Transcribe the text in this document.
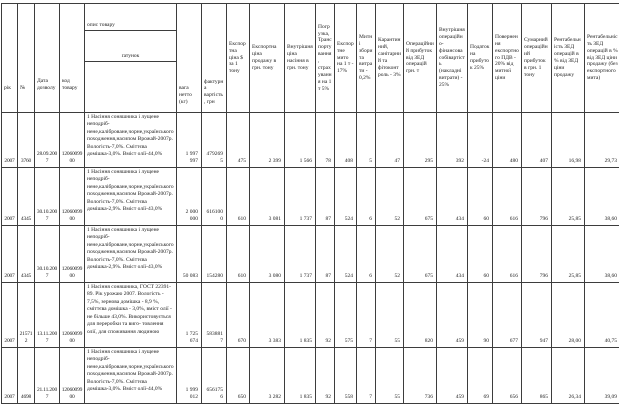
рік	№	Дата дозволу	код товару	опис товару
ґатунок	вага нетто (кг)	фактурна вартість, грн	Експортна ціна $ за 1 тону	Експортна ціна продажу в грн. тону	Внутрішня ціна насіння в грн. тону	Погрузка, Транспортування, страхування на 1 т 5%	Експортне мито на 1 т - 17%	Митні збори та витрати - 0,2%	Карантинний, санітарний та фітоконтроль - 3%	Операційний прибуток від ЗЕД операцій грн. т	Внутрішня операційно-фінансова собівартість (накладні витрати) - 25%	Податок на прибуток 25%	Повернення експортного ПДВ - 20% від митної ціни	Сумарний операційний прибуток в грн. 1 тону	Рентабельність ЗЕД операцій в % від ЗЕД ціни продажу	Рентабельність ЗЕД операцій в % від ЗЕД ціни продажу (без експортного мита)
2007	3760	28.09.2007	1206009900	1 Насіння соняшника і лущене неподріб-нене,каліброване,чорне,українського походження,насипом Врожай-2007р. Вологість-7,0%. Сміттєва домішка-3,0%. Вміст олії-44,0%	1 997 997	4792695	475	2 399	1 566	78	408	5	47	295	392	-24	480	407	16,98	29,73
2007	4345	30.10.2007	1206009900	1 Насіння соняшника і лущене неподріб-нене,каліброване,чорне,українського походження,насипом Врожай-2007р. Вологість-7,0%. Сміттєва домішка-2,9%. Вміст олії-43,0%	2 000 000	6161000	610	3 081	1 737	87	524	6	52	675	434	60	616	796	25,85	38,60
2007	4345	30.10.2007	1206009900	1 Насіння соняшника і лущене неподріб-нене,каліброване,чорне,українського походження,насипом Врожай-2007р. Вологість-7,0%. Сміттєва домішка-2,9%. Вміст олії-43,0%	50 083	154280	610	3 080	1 737	87	524	6	52	675	434	60	616	796	25,85	38,60
2007	215712	13.11.2007	1206009900	1 Насіння соняшника, ГОСТ 22391-89. Рік урожаю 2007. Вологість - 7,5%, зернова домішка - 8,9 %, сміттєва домішка - 3,0%, вміст олії - не більше 43,0%. Використовується для переробки та виго- товлення олії, для споживання людиною	1 725 674	5838817	670	3 383	1 835	92	575	7	55	820	459	90	677	947	28,00	40,75
2007	4698	21.11.2007	1206009900	1 Насіння соняшника і лущене неподріб-нене,каліброване,чорне,українського походження,насипом Врожай-2007р. Вологість-7,0%. Сміттєва домішка-3,0%. Вміст олії-44,0%	1 999 012	6561756	650	3 282	1 835	92	558	7	55	736	459	69	656	865	26,34	39,09
